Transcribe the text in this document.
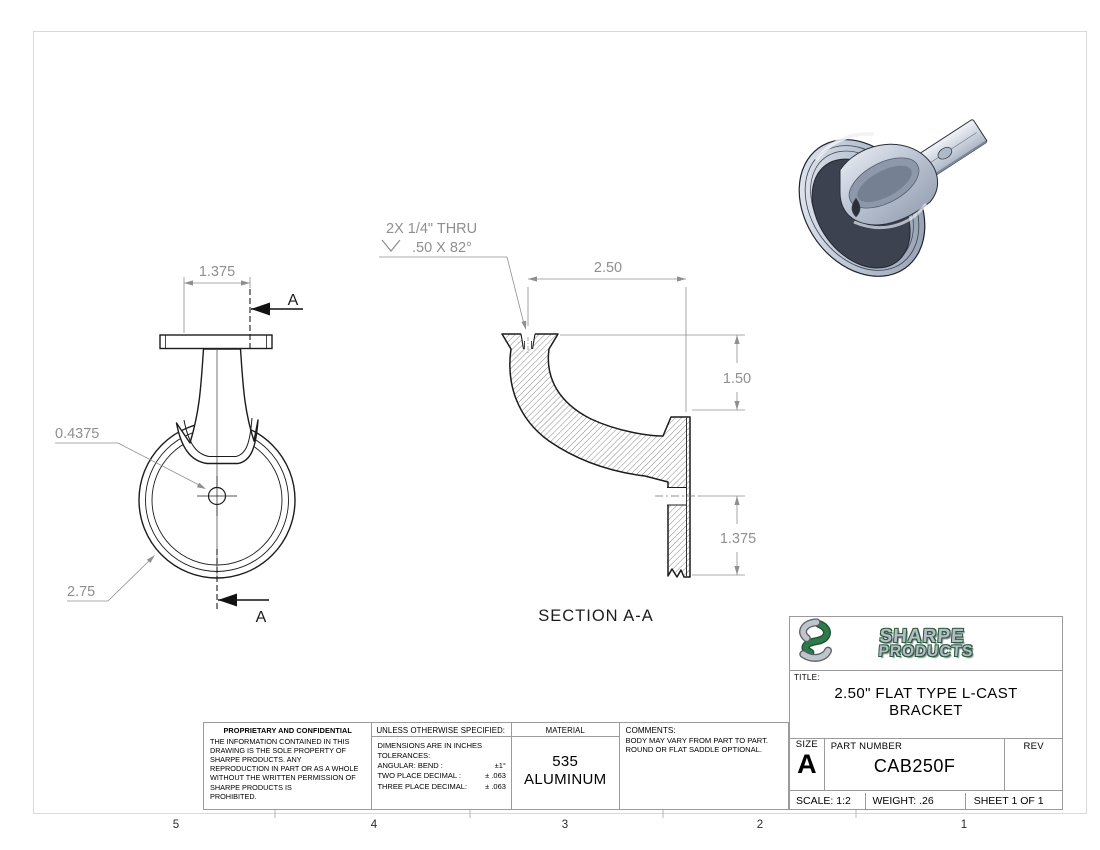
A
A
1.375
0.4375
2.75
2.50
2X 1/4" THRU
.50 X 82°
1.50
1.375
SECTION A-A
5	4	3	2	1
SHARPE
PRODUCTS
TITLE:
2.50" FLAT TYPE L-CAST
BRACKET
SIZE
A
PART NUMBER
CAB250F
REV
SCALE: 1:2	WEIGHT: .26	SHEET 1 OF 1
PROPRIETARY AND CONFIDENTIAL
THE INFORMATION CONTAINED IN THIS
DRAWING IS THE SOLE PROPERTY OF
SHARPE PRODUCTS. ANY
REPRODUCTION IN PART OR AS A WHOLE
WITHOUT THE WRITTEN PERMISSION OF
SHARPE PRODUCTS IS
PROHIBITED.
UNLESS OTHERWISE SPECIFIED:
DIMENSIONS ARE IN INCHES
TOLERANCES:
ANGULAR: BEND :	±1°
TWO PLACE DECIMAL :	± .063
THREE PLACE DECIMAL: ± .063
MATERIAL
535
ALUMINUM
COMMENTS:
BODY MAY VARY FROM PART TO PART.
ROUND OR FLAT SADDLE OPTIONAL.
